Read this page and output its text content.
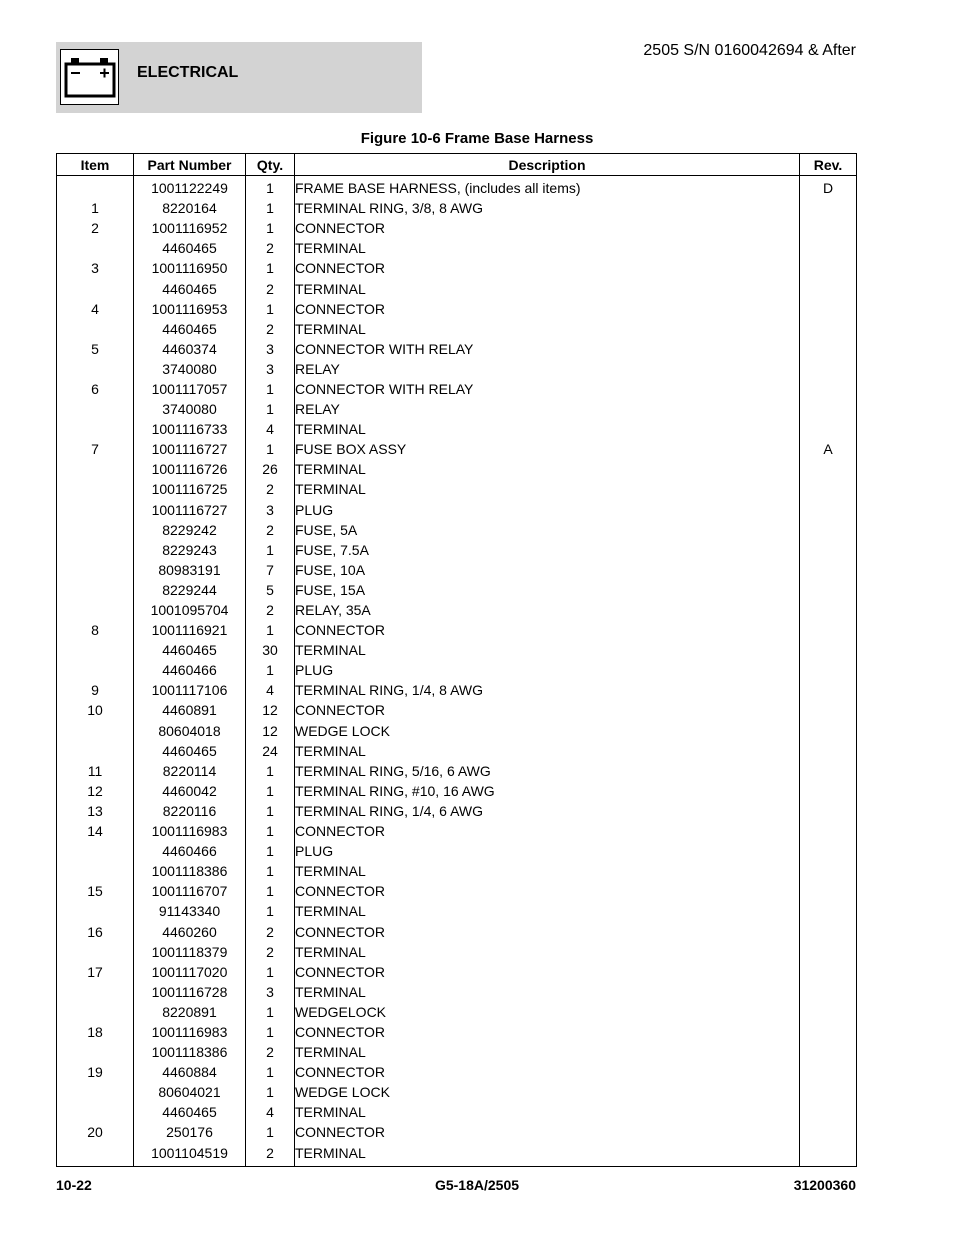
ELECTRICAL
2505 S/N 0160042694 & After
Figure 10-6 Frame Base Harness
Item	Part Number	Qty.	Description	Rev.
	1001122249	1	FRAME BASE HARNESS, (includes all items)	D
1	8220164	1	TERMINAL RING, 3/8, 8 AWG	
2	1001116952	1	CONNECTOR	
	4460465	2	TERMINAL	
3	1001116950	1	CONNECTOR	
	4460465	2	TERMINAL	
4	1001116953	1	CONNECTOR	
	4460465	2	TERMINAL	
5	4460374	3	CONNECTOR WITH RELAY	
	3740080	3	RELAY	
6	1001117057	1	CONNECTOR WITH RELAY	
	3740080	1	RELAY	
	1001116733	4	TERMINAL	
7	1001116727	1	FUSE BOX ASSY	A
	1001116726	26	TERMINAL	
	1001116725	2	TERMINAL	
	1001116727	3	PLUG	
	8229242	2	FUSE, 5A	
	8229243	1	FUSE, 7.5A	
	80983191	7	FUSE, 10A	
	8229244	5	FUSE, 15A	
	1001095704	2	RELAY, 35A	
8	1001116921	1	CONNECTOR	
	4460465	30	TERMINAL	
	4460466	1	PLUG	
9	1001117106	4	TERMINAL RING, 1/4, 8 AWG	
10	4460891	12	CONNECTOR	
	80604018	12	WEDGE LOCK	
	4460465	24	TERMINAL	
11	8220114	1	TERMINAL RING, 5/16, 6 AWG	
12	4460042	1	TERMINAL RING, #10, 16 AWG	
13	8220116	1	TERMINAL RING, 1/4, 6 AWG	
14	1001116983	1	CONNECTOR	
	4460466	1	PLUG	
	1001118386	1	TERMINAL	
15	1001116707	1	CONNECTOR	
	91143340	1	TERMINAL	
16	4460260	2	CONNECTOR	
	1001118379	2	TERMINAL	
17	1001117020	1	CONNECTOR	
	1001116728	3	TERMINAL	
	8220891	1	WEDGELOCK	
18	1001116983	1	CONNECTOR	
	1001118386	2	TERMINAL	
19	4460884	1	CONNECTOR	
	80604021	1	WEDGE LOCK	
	4460465	4	TERMINAL	
20	250176	1	CONNECTOR	
	1001104519	2	TERMINAL	
10-22	G5-18A/2505	31200360
